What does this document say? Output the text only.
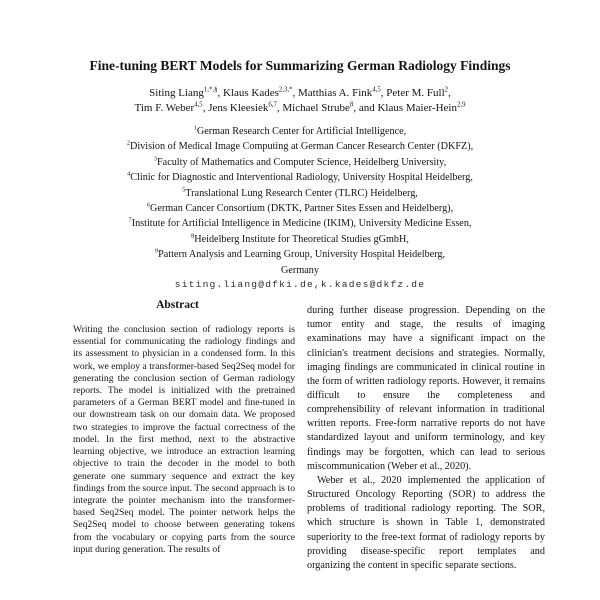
Fine-tuning BERT Models for Summarizing German Radiology Findings
Siting Liang$^{1,*,\S}$, Klaus Kades$^{2,3,*}$, Matthias A. Fink$^{4,5}$, Peter M. Full$^2$,
Tim F. Weber$^{4,5}$, Jens Kleesiek$^{6,7}$, Michael Strube$^8$, and Klaus Maier-Hein$^{2,9}$
$^1$German Research Center for Artificial Intelligence,
$^2$Division of Medical Image Computing at German Cancer Research Center (DKFZ),
$^3$Faculty of Mathematics and Computer Science, Heidelberg University,
$^4$Clinic for Diagnostic and Interventional Radiology, University Hospital Heidelberg,
$^5$Translational Lung Research Center (TLRC) Heidelberg,
$^6$German Cancer Consortium (DKTK, Partner Sites Essen and Heidelberg),
$^7$Institute for Artificial Intelligence in Medicine (IKIM), University Medicine Essen,
$^8$Heidelberg Institute for Theoretical Studies gGmbH,
$^9$Pattern Analysis and Learning Group, University Hospital Heidelberg,
Germany
siting.liang@dfki.de,k.kades@dkfz.de
Abstract

Writing the conclusion section of radiology reports is essential for communicating the radiology findings and its assessment to physician in a condensed form. In this work, we employ a transformer-based Seq2Seq model for generating the conclusion section of German radiology reports. The model is initialized with the pretrained parameters of a German BERT model and fine-tuned in our downstream task on our domain data. We proposed two strategies to improve the factual correctness of the model. In the first method, next to the abstractive learning objective, we introduce an extraction learning objective to train the decoder in the model to both generate one summary sequence and extract the key findings from the source input. The second approach is to integrate the pointer mechanism into the transformer-based Seq2Seq model. The pointer network helps the Seq2Seq model to choose between generating tokens from the vocabulary or copying parts from the source input during generation. The results of

during further disease progression. Depending on the tumor entity and stage, the results of imaging examinations may have a significant impact on the clinician's treatment decisions and strategies. Normally, imaging findings are communicated in clinical routine in the form of written radiology reports. However, it remains difficult to ensure the completeness and comprehensibility of relevant information in traditional written reports. Free-form narrative reports do not have standardized layout and uniform terminology, and key findings may be forgotten, which can lead to serious miscommunication (Weber et al., 2020).

Weber et al., 2020 implemented the application of Structured Oncology Reporting (SOR) to address the problems of traditional radiology reporting. The SOR, which structure is shown in Table 1, demonstrated superiority to the free-text format of radiology reports by providing disease-specific report templates and organizing the content in specific separate sections.
